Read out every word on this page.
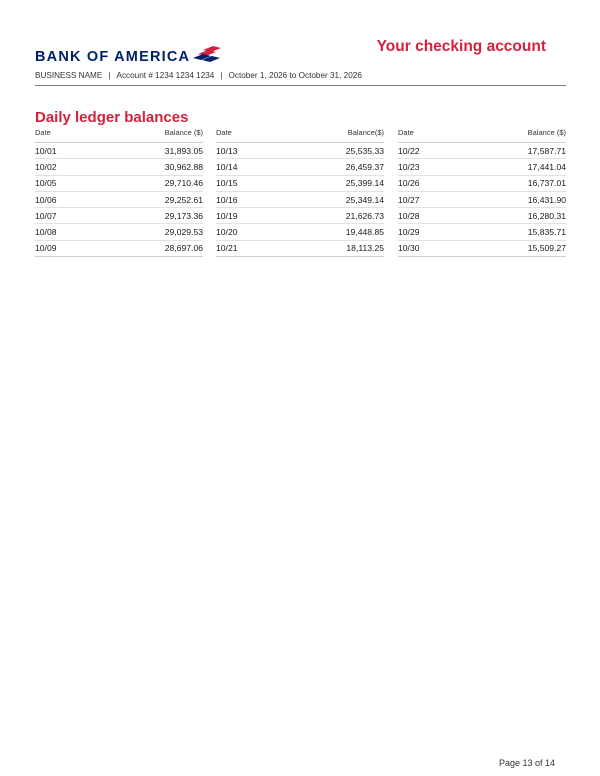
BANK OF AMERICA
Your checking account
BUSINESS NAME | Account # 1234 1234 1234 | October 1, 2026 to October 31, 2026
Daily ledger balances
Date	Balance ($)
10/01	31,893.05
10/02	30,962.88
10/05	29,710.46
10/06	29,252.61
10/07	29,173.36
10/08	29,029.53
10/09	28,697.06
Date	Balance($)
10/13	25,535.33
10/14	26,459.37
10/15	25,399.14
10/16	25,349.14
10/19	21,626.73
10/20	19,448.85
10/21	18,113.25
Date	Balance ($)
10/22	17,587.71
10/23	17,441.04
10/26	16,737.01
10/27	16,431.90
10/28	16,280.31
10/29	15,835.71
10/30	15,509.27
Page 13 of 14
